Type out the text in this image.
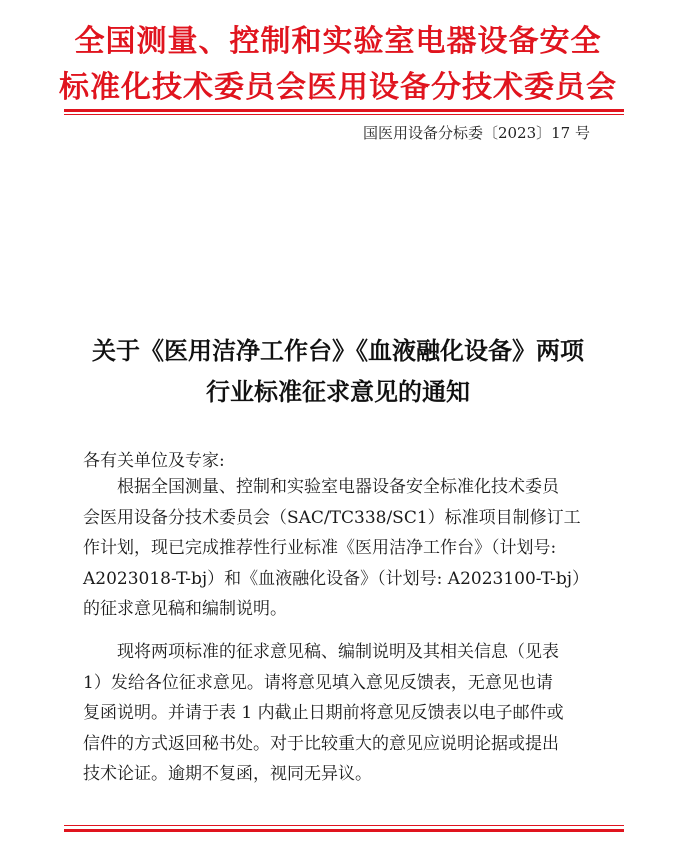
全国测量、控制和实验室电器设备安全
标准化技术委员会医用设备分技术委员会
国医用设备分标委〔2023〕17 号
关于《医用洁净工作台》《血液融化设备》两项
行业标准征求意见的通知
各有关单位及专家:
根据全国测量、控制和实验室电器设备安全标准化技术委员
会医用设备分技术委员会（SAC/TC338/SC1）标准项目制修订工
作计划，现已完成推荐性行业标准《医用洁净工作台》（计划号:
A2023018-T-bj）和《血液融化设备》（计划号: A2023100-T-bj）
的征求意见稿和编制说明。
现将两项标准的征求意见稿、编制说明及其相关信息（见表
1）发给各位征求意见。请将意见填入意见反馈表，无意见也请
复函说明。并请于表 1 内截止日期前将意见反馈表以电子邮件或
信件的方式返回秘书处。对于比较重大的意见应说明论据或提出
技术论证。逾期不复函，视同无异议。
